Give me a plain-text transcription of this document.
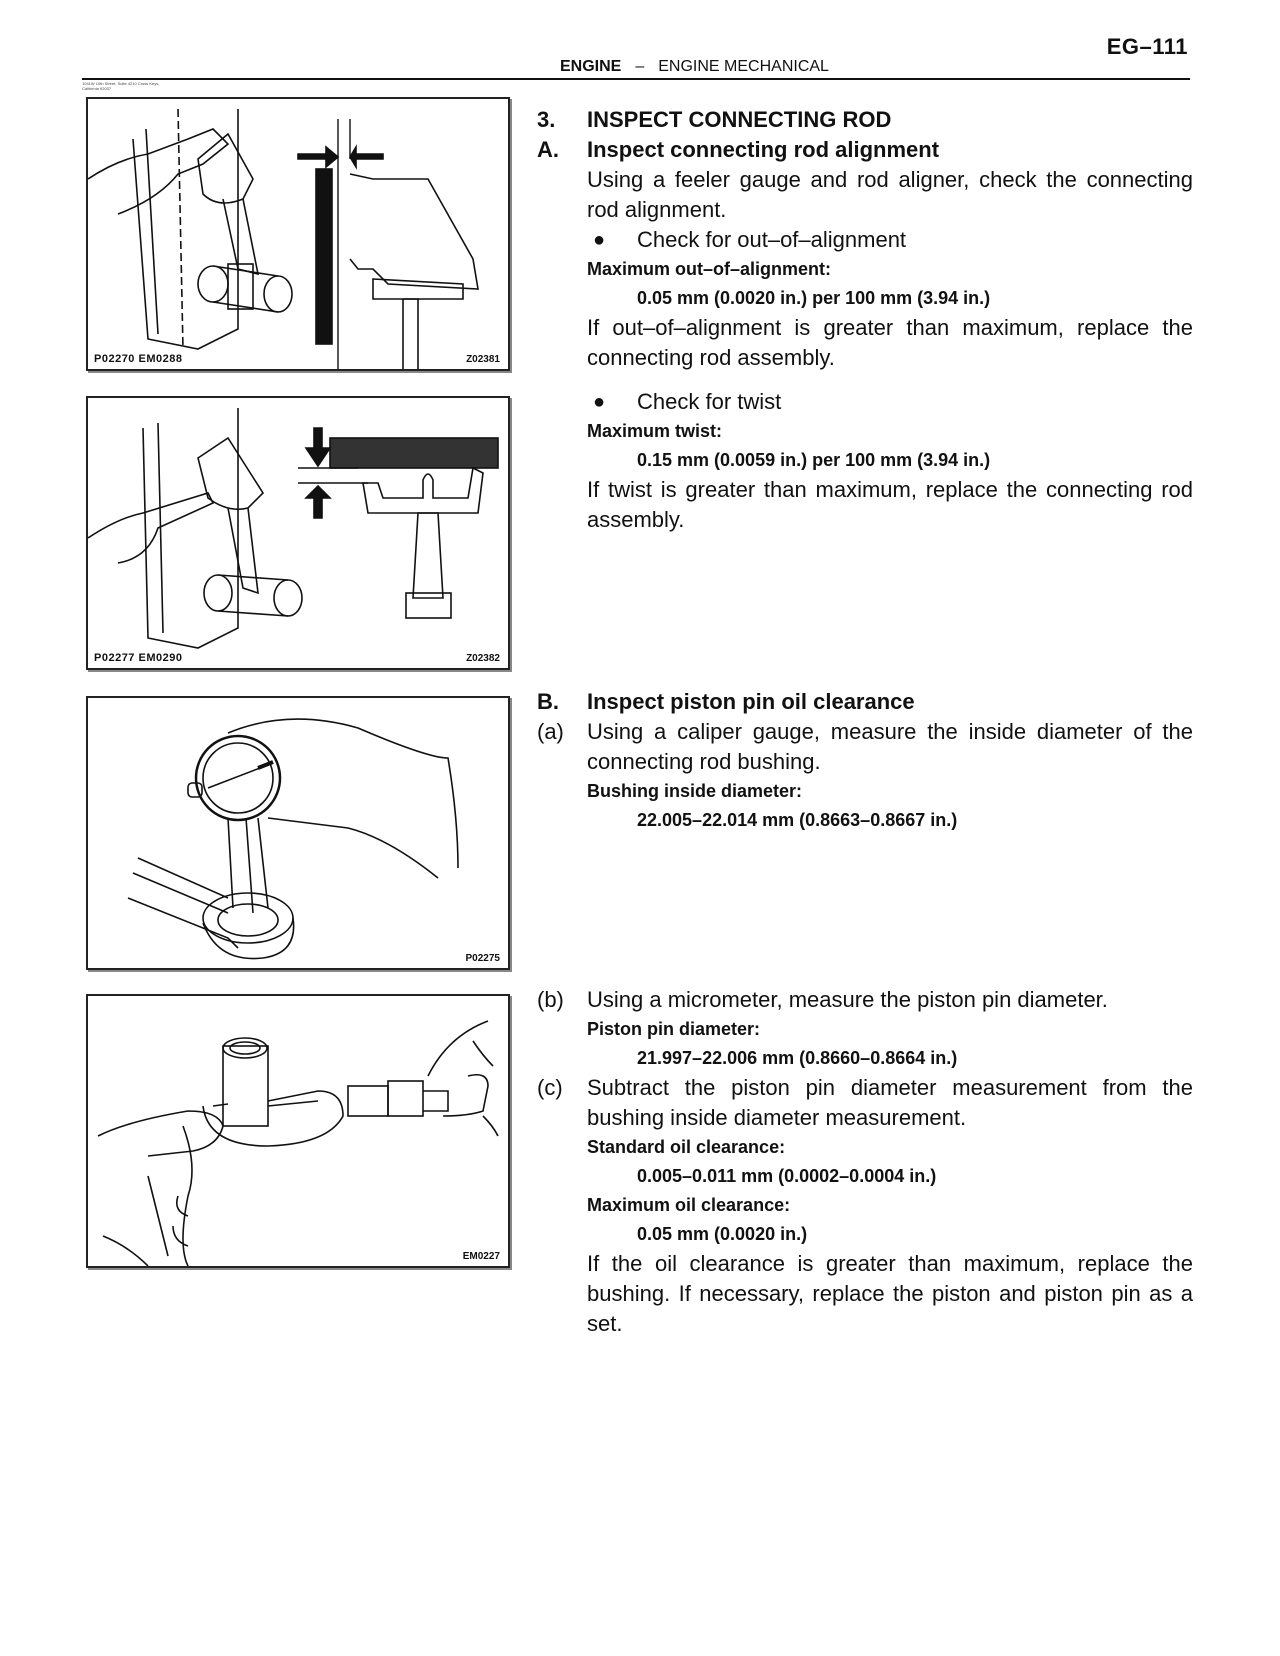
EG–111
ENGINE – ENGINE MECHANICAL
1041W 10th Street, Suite 4210 Cross Keys, California 92037
P02270 EM0288	Z02381
P02277 EM0290	Z02382
P02275
EM0227
3. INSPECT CONNECTING ROD
A. Inspect connecting rod alignment
Using a feeler gauge and rod aligner, check the connecting rod alignment.
● Check for out–of–alignment
Maximum out–of–alignment:
0.05 mm (0.0020 in.) per 100 mm (3.94 in.)
If out–of–alignment is greater than maximum, replace the connecting rod assembly.
● Check for twist
Maximum twist:
0.15 mm (0.0059 in.) per 100 mm (3.94 in.)
If twist is greater than maximum, replace the connecting rod assembly.
B. Inspect piston pin oil clearance
(a) Using a caliper gauge, measure the inside diameter of the connecting rod bushing.
Bushing inside diameter:
22.005–22.014 mm (0.8663–0.8667 in.)
(b) Using a micrometer, measure the piston pin diameter.
Piston pin diameter:
21.997–22.006 mm (0.8660–0.8664 in.)
(c) Subtract the piston pin diameter measurement from the bushing inside diameter measurement.
Standard oil clearance:
0.005–0.011 mm (0.0002–0.0004 in.)
Maximum oil clearance:
0.05 mm (0.0020 in.)
If the oil clearance is greater than maximum, replace the bushing. If necessary, replace the piston and piston pin as a set.
